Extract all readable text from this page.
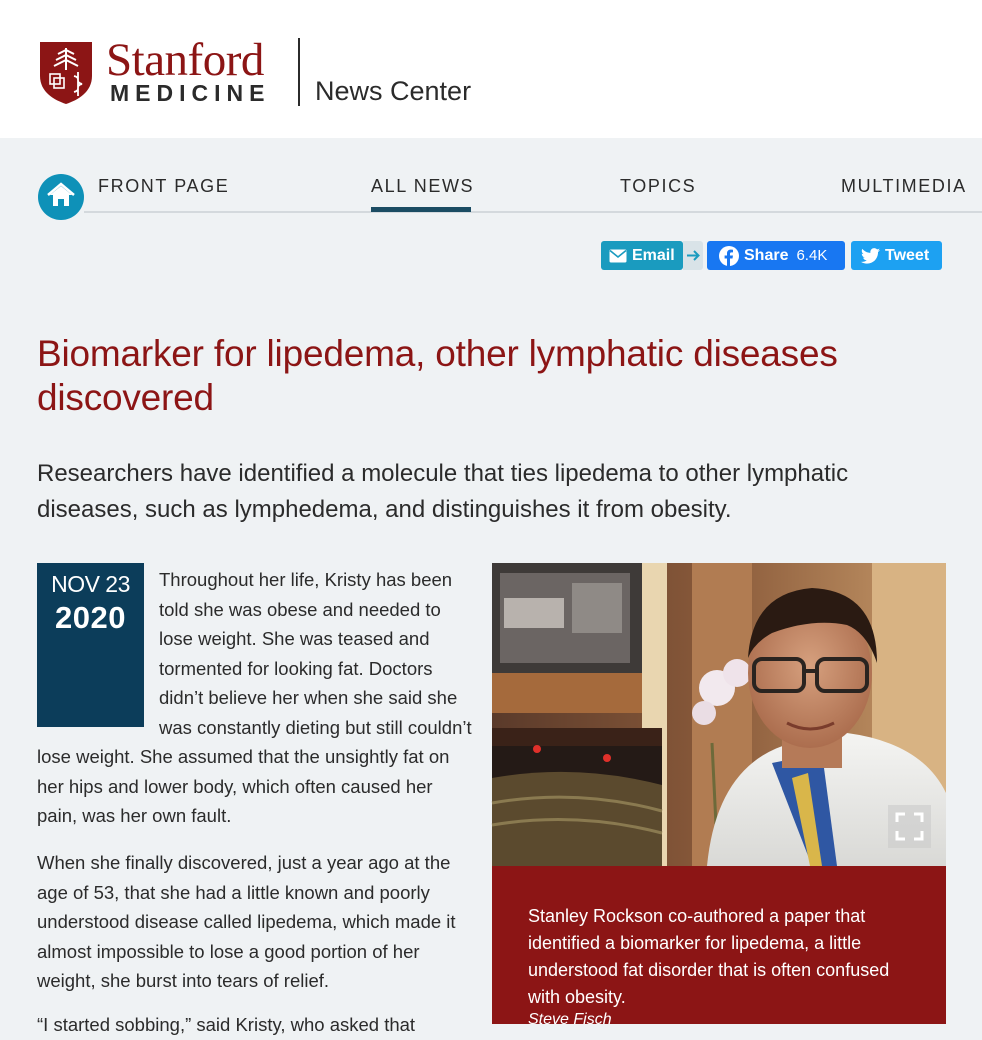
Stanford
MEDICINE News Center
FRONT PAGE	ALL NEWS	TOPICS	MULTIMEDIA
Email	Share 6.4K	Tweet
Biomarker for lipedema, other lymphatic diseases discovered

Researchers have identified a molecule that ties lipedema to other lymphatic diseases, such as lymphedema, and distinguishes it from obesity.

NOV 23
2020
Throughout her life, Kristy has been told she was obese and needed to lose weight. She was teased and tormented for looking fat. Doctors didn’t believe her when she said she was constantly dieting but still couldn’t lose weight. She assumed that the unsightly fat on her hips and lower body, which often caused her pain, was her own fault.

When she finally discovered, just a year ago at the age of 53, that she had a little known and poorly understood disease called lipedema, which made it almost impossible to lose a good portion of her weight, she burst into tears of relief.

“I started sobbing,” said Kristy, who asked that

Stanley Rockson co-authored a paper that identified a biomarker for lipedema, a little understood fat disorder that is often confused with obesity.

Steve Fisch
